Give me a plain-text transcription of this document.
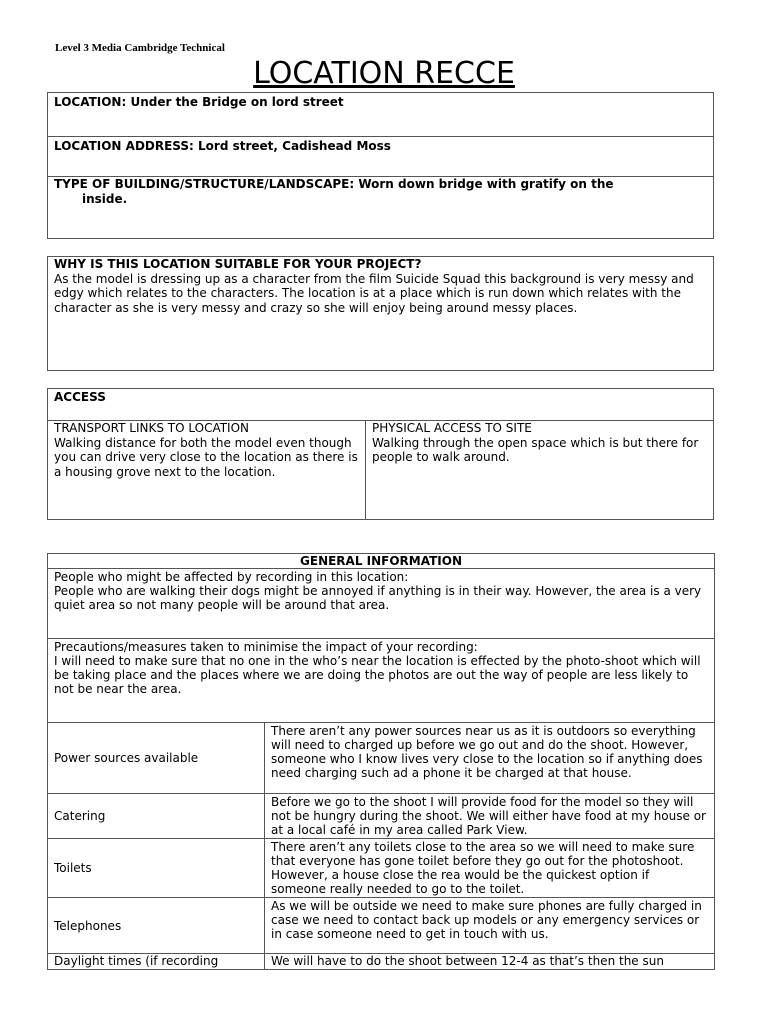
Level 3 Media Cambridge Technical
LOCATION RECCE
LOCATION: Under the Bridge on lord street
LOCATION ADDRESS: Lord street, Cadishead Moss
TYPE OF BUILDING/STRUCTURE/LANDSCAPE: Worn down bridge with gratify on the
inside.
WHY IS THIS LOCATION SUITABLE FOR YOUR PROJECT?
As the model is dressing up as a character from the film Suicide Squad this background is very messy and edgy which relates to the characters. The location is at a place which is run down which relates with the character as she is very messy and crazy so she will enjoy being around messy places.
ACCESS
TRANSPORT LINKS TO LOCATION
Walking distance for both the model even though you can drive very close to the location as there is a housing grove next to the location.
PHYSICAL ACCESS TO SITE
Walking through the open space which is but there for people to walk around.
GENERAL INFORMATION	

People who might be affected by recording in this location:
People who are walking their dogs might be annoyed if anything is in their way. However, the area is a very quiet area so not many people will be around that area.	

Precautions/measures taken to minimise the impact of your recording:
I will need to make sure that no one in the who’s near the location is effected by the photo-shoot which will be taking place and the places where we are doing the photos are out the way of people are less likely to not be near the area.	

Power sources available	There aren’t any power sources near us as it is outdoors so everything will need to charged up before we go out and do the shoot. However, someone who I know lives very close to the location so if anything does need charging such ad a phone it be charged at that house.
Catering	Before we go to the shoot I will provide food for the model so they will not be hungry during the shoot. We will either have food at my house or at a local café in my area called Park View.
Toilets	There aren’t any toilets close to the area so we will need to make sure that everyone has gone toilet before they go out for the photoshoot. However, a house close the rea would be the quickest option if someone really needed to go to the toilet.
Telephones	As we will be outside we need to make sure phones are fully charged in case we need to contact back up models or any emergency services or in case someone need to get in touch with us.
Daylight times (if recording	We will have to do the shoot between 12-4 as that’s then the sun
